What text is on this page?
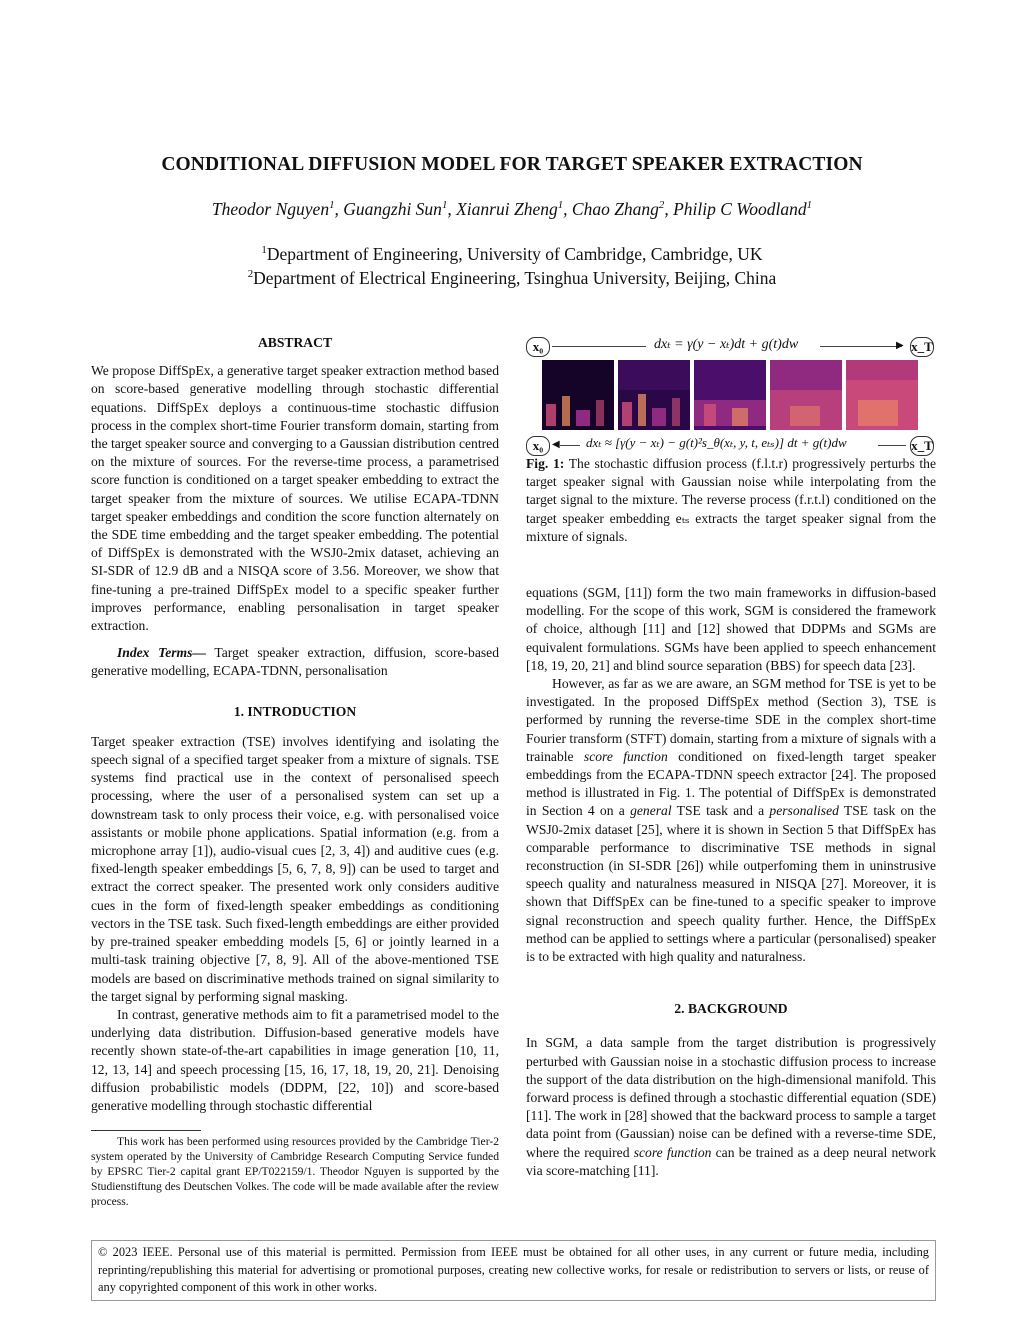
CONDITIONAL DIFFUSION MODEL FOR TARGET SPEAKER EXTRACTION
Theodor Nguyen$^1$, Guangzhi Sun$^1$, Xianrui Zheng$^1$, Chao Zhang$^2$, Philip C Woodland$^1$
$^1$Department of Engineering, University of Cambridge, Cambridge, UK
$^2$Department of Electrical Engineering, Tsinghua University, Beijing, China
ABSTRACT

We propose DiffSpEx, a generative target speaker extraction method based on score-based generative modelling through stochastic differential equations. DiffSpEx deploys a continuous-time stochastic diffusion process in the complex short-time Fourier transform domain, starting from the target speaker source and converging to a Gaussian distribution centred on the mixture of sources. For the reverse-time process, a parametrised score function is conditioned on a target speaker embedding to extract the target speaker from the mixture of sources. We utilise ECAPA-TDNN target speaker embeddings and condition the score function alternately on the SDE time embedding and the target speaker embedding. The potential of DiffSpEx is demonstrated with the WSJ0-2mix dataset, achieving an SI-SDR of 12.9 dB and a NISQA score of 3.56. Moreover, we show that fine-tuning a pre-trained DiffSpEx model to a specific speaker further improves performance, enabling personalisation in target speaker extraction.

Index Terms— Target speaker extraction, diffusion, score-based generative modelling, ECAPA-TDNN, personalisation

1. INTRODUCTION

Target speaker extraction (TSE) involves identifying and isolating the speech signal of a specified target speaker from a mixture of signals. TSE systems find practical use in the context of personalised speech processing, where the user of a personalised system can set up a downstream task to only process their voice, e.g. with personalised voice assistants or mobile phone applications. Spatial information (e.g. from a microphone array [1]), audio-visual cues [2, 3, 4]) and auditive cues (e.g. fixed-length speaker embeddings [5, 6, 7, 8, 9]) can be used to target and extract the correct speaker. The presented work only considers auditive cues in the form of fixed-length speaker embeddings as conditioning vectors in the TSE task. Such fixed-length embeddings are either provided by pre-trained speaker embedding models [5, 6] or jointly learned in a multi-task training objective [7, 8, 9]. All of the above-mentioned TSE models are based on discriminative methods trained on signal similarity to the target signal by performing signal masking.

In contrast, generative methods aim to fit a parametrised model to the underlying data distribution. Diffusion-based generative models have recently shown state-of-the-art capabilities in image generation [10, 11, 12, 13, 14] and speech processing [15, 16, 17, 18, 19, 20, 21]. Denoising diffusion probabilistic models (DDPM, [22, 10]) and score-based generative modelling through stochastic differential

This work has been performed using resources provided by the Cambridge Tier-2 system operated by the University of Cambridge Research Computing Service funded by EPSRC Tier-2 capital grant EP/T022159/1. Theodor Nguyen is supported by the Studienstiftung des Deutschen Volkes. The code will be made available after the review process.
x₀	dxₜ = γ(y − xₜ)dt + g(t)dw	▶ x_T
x₀ ◀ dxₜ ≈ [γ(y − xₜ) − g(t)²s_θ(xₜ, y, t, eₜₛ)] dt + g(t)dw	x_T
Fig. 1: The stochastic diffusion process (f.l.t.r) progressively perturbs the target speaker signal with Gaussian noise while interpolating from the target signal to the mixture. The reverse process (f.r.t.l) conditioned on the target speaker embedding eₜₛ extracts the target speaker signal from the mixture of signals.

equations (SGM, [11]) form the two main frameworks in diffusion-based modelling. For the scope of this work, SGM is considered the framework of choice, although [11] and [12] showed that DDPMs and SGMs are equivalent formulations. SGMs have been applied to speech enhancement [18, 19, 20, 21] and blind source separation (BBS) for speech data [23].

However, as far as we are aware, an SGM method for TSE is yet to be investigated. In the proposed DiffSpEx method (Section 3), TSE is performed by running the reverse-time SDE in the complex short-time Fourier transform (STFT) domain, starting from a mixture of signals with a trainable score function conditioned on fixed-length target speaker embeddings from the ECAPA-TDNN speech extractor [24]. The proposed method is illustrated in Fig. 1. The potential of DiffSpEx is demonstrated in Section 4 on a general TSE task and a personalised TSE task on the WSJ0-2mix dataset [25], where it is shown in Section 5 that DiffSpEx has comparable performance to discriminative TSE methods in signal reconstruction (in SI-SDR [26]) while outperfoming them in uninstrusive speech quality and naturalness measured in NISQA [27]. Moreover, it is shown that DiffSpEx can be fine-tuned to a specific speaker to improve signal reconstruction and speech quality further. Hence, the DiffSpEx method can be applied to settings where a particular (personalised) speaker is to be extracted with high quality and naturalness.

2. BACKGROUND

In SGM, a data sample from the target distribution is progressively perturbed with Gaussian noise in a stochastic diffusion process to increase the support of the data distribution on the high-dimensional manifold. This forward process is defined through a stochastic differential equation (SDE) [11]. The work in [28] showed that the backward process to sample a target data point from (Gaussian) noise can be defined with a reverse-time SDE, where the required score function can be trained as a deep neural network via score-matching [11].

© 2023 IEEE. Personal use of this material is permitted. Permission from IEEE must be obtained for all other uses, in any current or future media, including reprinting/republishing this material for advertising or promotional purposes, creating new collective works, for resale or redistribution to servers or lists, or reuse of any copyrighted component of this work in other works.
